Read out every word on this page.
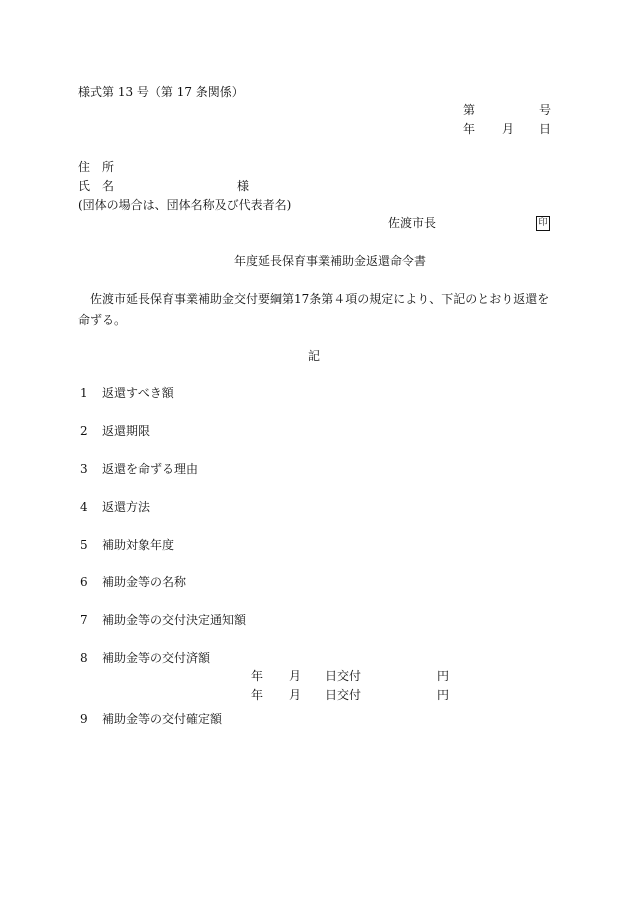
様式第 13 号（第 17 条関係）
第	号
年 月 日
住　所
氏　名	様
(団体の場合は、団体名称及び代表者名)
佐渡市長	印
年度延長保育事業補助金返還命令書
　佐渡市延長保育事業補助金交付要綱第17条第４項の規定により、下記のとおり返還を命ずる。
記
1 返還すべき額
2 返還期限
3 返還を命ずる理由
4 返還方法
5 補助対象年度
6 補助金等の名称
7 補助金等の交付決定通知額
8 補助金等の交付済額
年 月 日交付	円
年 月 日交付	円
9 補助金等の交付確定額
